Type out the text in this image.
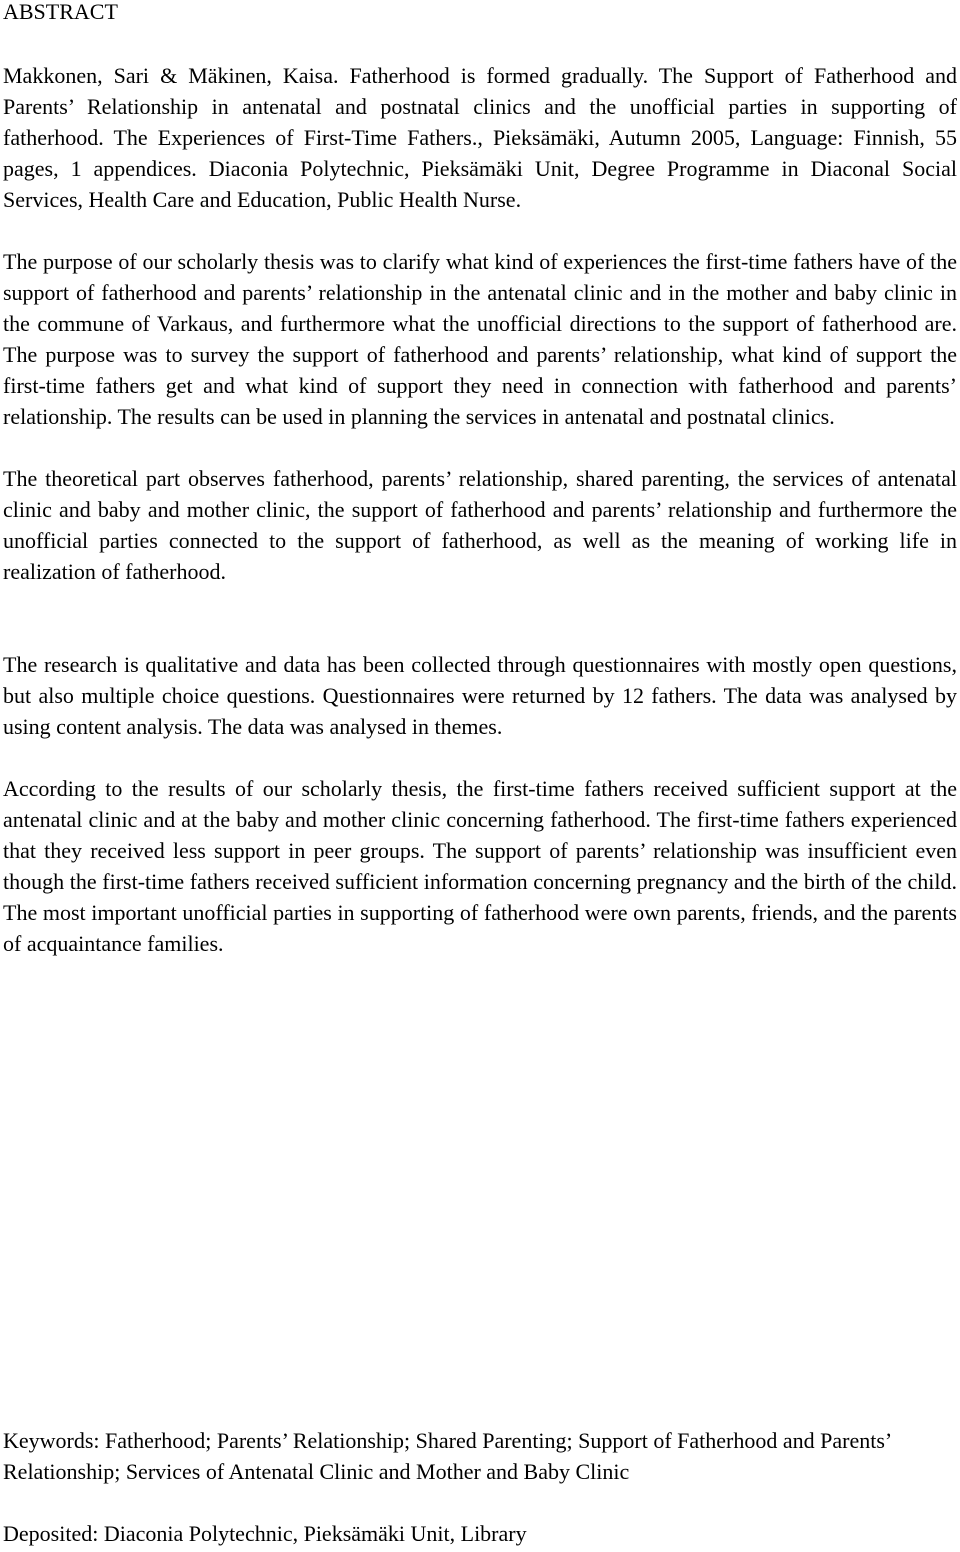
ABSTRACT

Makkonen, Sari & Mäkinen, Kaisa. Fatherhood is formed gradually. The Support of Fatherhood and Parents’ Relationship in antenatal and postnatal clinics and the unofficial parties in supporting of fatherhood. The Experiences of First-Time Fathers., Pieksämäki, Autumn 2005, Language: Finnish, 55 pages, 1 appendices. Diaconia Polytechnic, Pieksämäki Unit, Degree Programme in Diaconal Social Services, Health Care and Education, Public Health Nurse.

The purpose of our scholarly thesis was to clarify what kind of experiences the first-time fathers have of the support of fatherhood and parents’ relationship in the antenatal clinic and in the mother and baby clinic in the commune of Varkaus, and furthermore what the unofficial directions to the support of fatherhood are. The purpose was to survey the support of fatherhood and parents’ relationship, what kind of support the first-time fathers get and what kind of support they need in connection with fatherhood and parents’ relationship. The results can be used in planning the services in antenatal and postnatal clinics.

The theoretical part observes fatherhood, parents’ relationship, shared parenting, the services of antenatal clinic and baby and mother clinic, the support of fatherhood and parents’ relationship and furthermore the unofficial parties connected to the support of fatherhood, as well as the meaning of working life in realization of fatherhood.

The research is qualitative and data has been collected through questionnaires with mostly open questions, but also multiple choice questions. Questionnaires were returned by 12 fathers. The data was analysed by using content analysis. The data was analysed in themes.

According to the results of our scholarly thesis, the first-time fathers received sufficient support at the antenatal clinic and at the baby and mother clinic concerning fatherhood. The first-time fathers experienced that they received less support in peer groups. The support of parents’ relationship was insufficient even though the first-time fathers received sufficient information concerning pregnancy and the birth of the child. The most important unofficial parties in supporting of fatherhood were own parents, friends, and the parents of acquaintance families.

Keywords: Fatherhood; Parents’ Relationship; Shared Parenting; Support of Fatherhood and Parents’ Relationship; Services of Antenatal Clinic and Mother and Baby Clinic

Deposited: Diaconia Polytechnic, Pieksämäki Unit, Library
